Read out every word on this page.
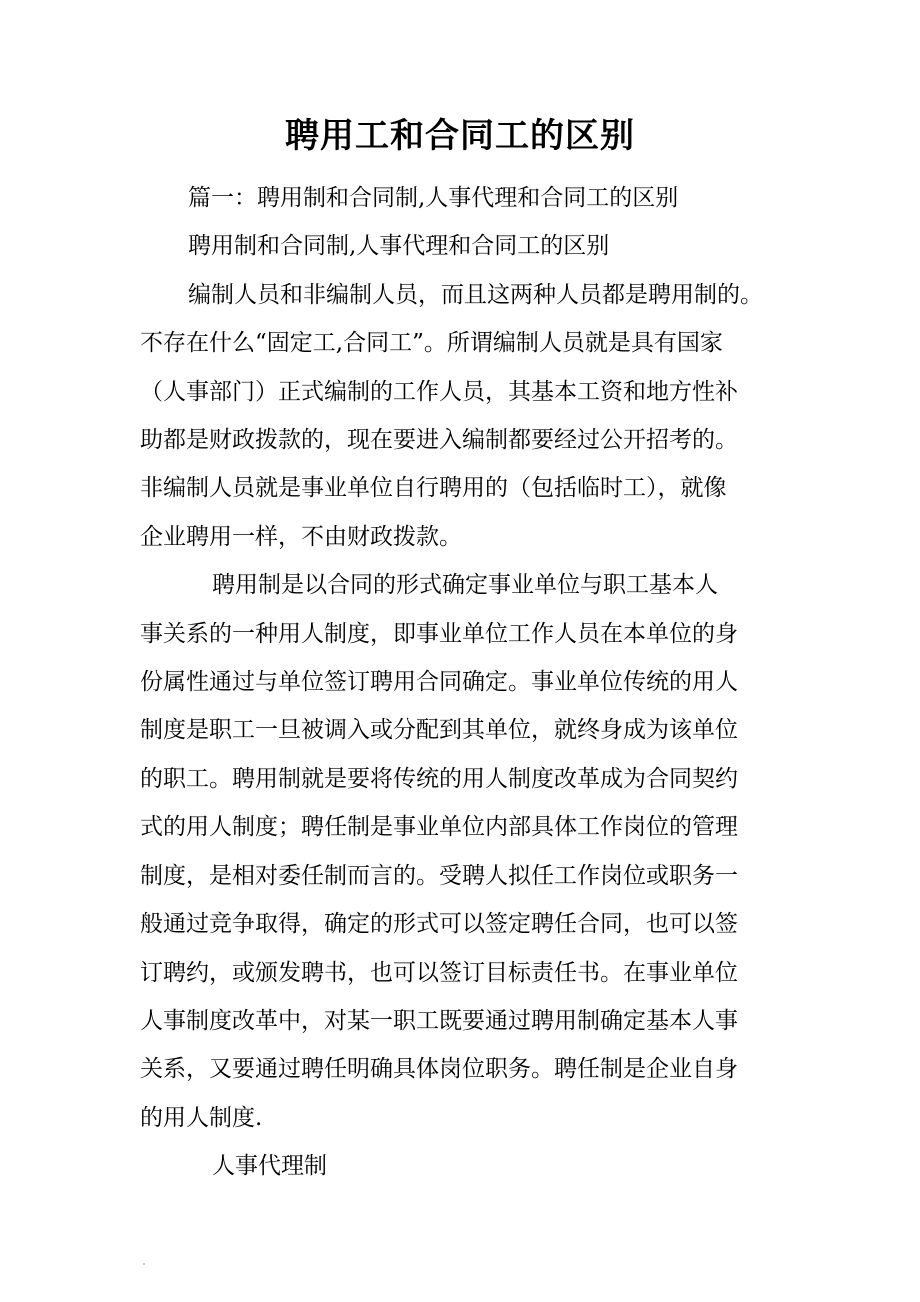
聘用工和合同工的区别

篇一：聘用制和合同制,人事代理和合同工的区别

聘用制和合同制,人事代理和合同工的区别

编制人员和非编制人员，而且这两种人员都是聘用制的。

不存在什么“固定工,合同工”。所谓编制人员就是具有国家

（人事部门）正式编制的工作人员，其基本工资和地方性补

助都是财政拨款的，现在要进入编制都要经过公开招考的。

非编制人员就是事业单位自行聘用的（包括临时工），就像

企业聘用一样，不由财政拨款。

聘用制是以合同的形式确定事业单位与职工基本人

事关系的一种用人制度，即事业单位工作人员在本单位的身

份属性通过与单位签订聘用合同确定。事业单位传统的用人

制度是职工一旦被调入或分配到其单位，就终身成为该单位

的职工。聘用制就是要将传统的用人制度改革成为合同契约

式的用人制度；聘任制是事业单位内部具体工作岗位的管理

制度，是相对委任制而言的。受聘人拟任工作岗位或职务一

般通过竞争取得，确定的形式可以签定聘任合同，也可以签

订聘约，或颁发聘书，也可以签订目标责任书。在事业单位

人事制度改革中，对某一职工既要通过聘用制确定基本人事

关系，又要通过聘任明确具体岗位职务。聘任制是企业自身

的用人制度.

人事代理制
